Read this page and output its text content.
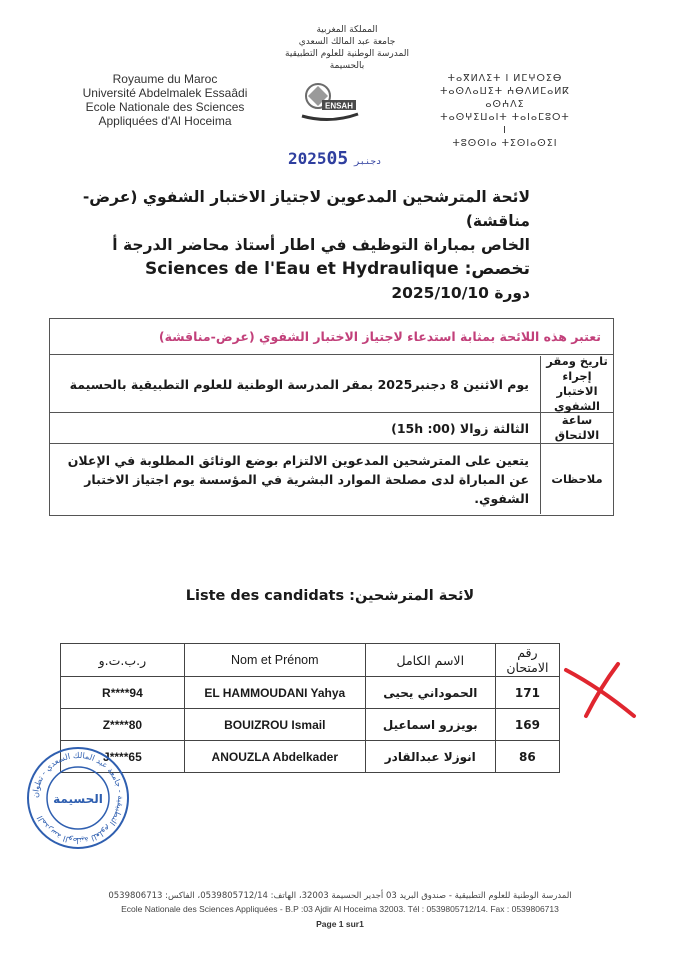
Royaume du Maroc
Université Abdelmalek Essaâdi
Ecole Nationale des Sciences
Appliquées d'Al Hoceima
المملكة المغربية
جامعة عبد المالك السعدي
المدرسة الوطنية للعلوم التطبيقية بالحسيمة
ENSAH
ⵜⴰⴳⵍⴷⵉⵜ ⵏ ⵍⵎⵖⵔⵉⴱ
ⵜⴰⵙⴷⴰⵡⵉⵜ ⵄⴱⴷⵍⵎⴰⵍⴽ ⴰⵙⵄⴷⵉ
ⵜⴰⵙⵖⵉⵡⴰⵏⵜ ⵜⴰⵏⴰⵎⵓⵔⵜ ⵏ
ⵜⵓⵙⵙⵏⴰ ⵜⵉⵙⵏⴰⵙⵉⵏ
2025	دجنبر05
لائحة المترشحين المدعوين لاجتياز الاختبار الشفوي (عرض-مناقشة)
الخاص بمباراة التوظيف في اطار أستاذ محاضر الدرجة أ
تخصص: Sciences de l'Eau et Hydraulique
دورة 2025/10/10
تعتبر هذه اللائحة بمثابة استدعاء لاجتياز الاختبار الشفوي (عرض-مناقشة)
تاريخ ومقر إجراء الاختبار الشفوي
يوم الاثنين 8 دجنبر2025 بمقر المدرسة الوطنية للعلوم التطبيقية بالحسيمة
ساعة الالتحاق
الثالثة زوالا (15h :00)
ملاحظات
يتعين على المترشحين المدعوين الالتزام بوضع الوثائق المطلوبة في الإعلان عن المباراة لدى مصلحة الموارد البشرية في المؤسسة يوم اجتياز الاختبار الشفوي.
لائحة المترشحين: Liste des candidats
ر.ب.ت.و	Nom et Prénom	الاسم الكامل	رقم الامتحان
R****94	EL HAMMOUDANI Yahya	الحموداني يحيى	171
Z****80	BOUIZROU Ismail	بويزرو اسماعيل	169
J****65	ANOUZLA Abdelkader	انوزلا عبدالقادر	86
المدرسة الوطنية للعلوم التطبيقية - جامعة عبد المالك السعدي - تطوان
الحسيمة
المدرسة الوطنية للعلوم التطبيقية - صندوق البريد 03 أجدير الحسيمة 32003، الهاتف: 0539805712/14، الفاكس: 0539806713
Ecole Nationale des Sciences Appliquées - B.P :03 Ajdir Al Hoceima 32003. Tél : 0539805712/14. Fax : 0539806713
Page 1 sur1
